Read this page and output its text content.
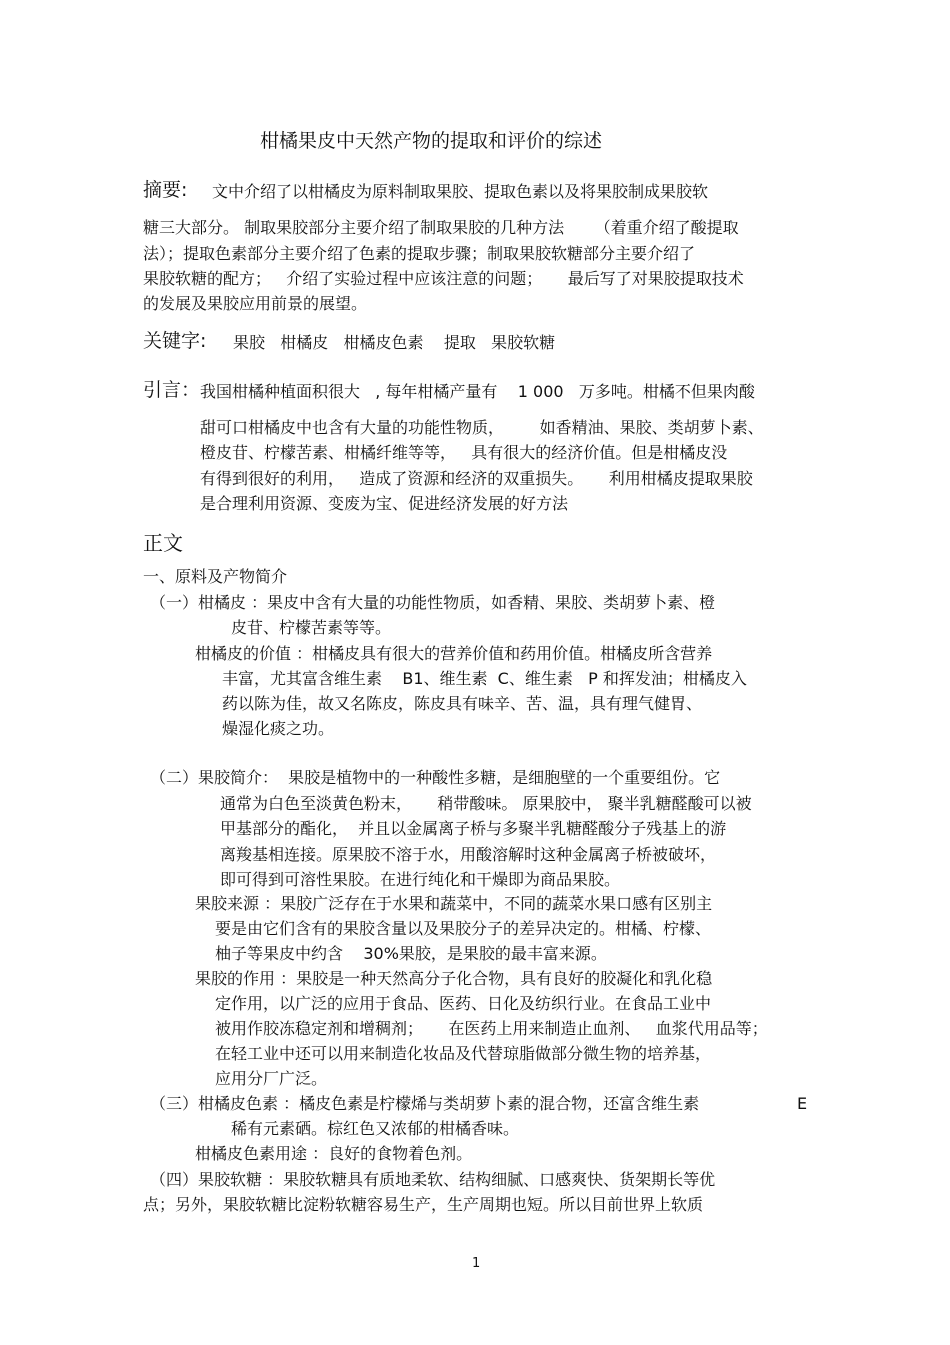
柑橘果皮中天然产物的提取和评价的综述
摘要: 文中介绍了以柑橘皮为原料制取果胶、提取色素以及将果胶制成果胶软
糖三大部分。 制取果胶部分主要介绍了制取果胶的几种方法      （着重介绍了酸提取
法）；提取色素部分主要介绍了色素的提取步骤；制取果胶软糖部分主要介绍了
果胶软糖的配方；   介绍了实验过程中应该注意的问题；     最后写了对果胶提取技术
的发展及果胶应用前景的展望。
关键字: 果胶   柑橘皮   柑橘皮色素    提取   果胶软糖
引言： 我国柑橘种植面积很大   , 每年柑橘产量有    1 000   万多吨。柑橘不但果肉酸
甜可口柑橘皮中也含有大量的功能性物质，       如香精油、果胶、类胡萝卜素、
橙皮苷、柠檬苦素、柑橘纤维等等，   具有很大的经济价值。但是柑橘皮没
有得到很好的利用，   造成了资源和经济的双重损失。     利用柑橘皮提取果胶
是合理利用资源、变废为宝、促进经济发展的好方法
正文
一、原料及产物简介
（一）柑橘皮 ：果皮中含有大量的功能性物质，如香精、果胶、类胡萝卜素、橙
皮苷、柠檬苦素等等。
柑橘皮的价值 ：柑橘皮具有很大的营养价值和药用价值。柑橘皮所含营养
丰富，尤其富含维生素    B1、维生素  C、维生素   P 和挥发油；柑橘皮入
药以陈为佳，故又名陈皮，陈皮具有味辛、苦、温，具有理气健胃、
燥湿化痰之功。
（二）果胶简介：  果胶是植物中的一种酸性多糖，是细胞壁的一个重要组份。它
通常为白色至淡黄色粉末，     稍带酸味。 原果胶中， 聚半乳糖醛酸可以被
甲基部分的酯化，  并且以金属离子桥与多聚半乳糖醛酸分子残基上的游
离羧基相连接。原果胶不溶于水，用酸溶解时这种金属离子桥被破坏，
即可得到可溶性果胶。在进行纯化和干燥即为商品果胶。
果胶来源 ：果胶广泛存在于水果和蔬菜中，不同的蔬菜水果口感有区别主
要是由它们含有的果胶含量以及果胶分子的差异决定的。柑橘、柠檬、
柚子等果皮中约含    30%果胶，是果胶的最丰富来源。
果胶的作用 ：果胶是一种天然高分子化合物，具有良好的胶凝化和乳化稳
定作用，以广泛的应用于食品、医药、日化及纺织行业。在食品工业中
被用作胶冻稳定剂和增稠剂；     在医药上用来制造止血剂、   血浆代用品等；
在轻工业中还可以用来制造化妆品及代替琼脂做部分微生物的培养基，
应用分厂广泛。
（三）柑橘皮色素 ：橘皮色素是柠檬烯与类胡萝卜素的混合物，还富含维生素	E
稀有元素硒。棕红色又浓郁的柑橘香味。
柑橘皮色素用途 ：良好的食物着色剂。
（四）果胶软糖 ：果胶软糖具有质地柔软、结构细腻、口感爽快、货架期长等优
点；另外，果胶软糖比淀粉软糖容易生产，生产周期也短。所以目前世界上软质
1
